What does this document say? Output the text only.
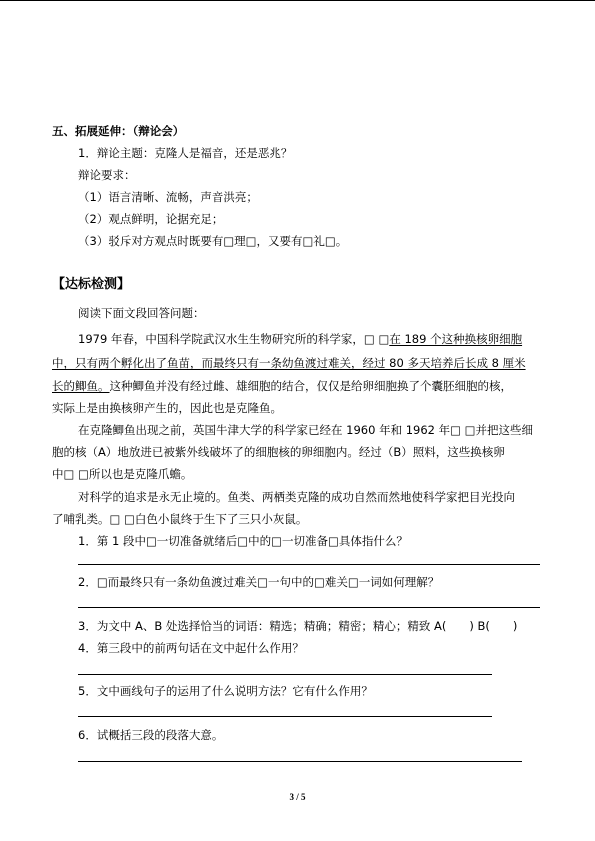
五、拓展延伸：（辩论会）
1．辩论主题：克隆人是福音，还是恶兆？
辩论要求：
（1）语言清晰、流畅，声音洪亮；
（2）观点鲜明，论据充足；
（3）驳斥对方观点时既要有□理□，又要有□礼□。
【达标检测】
阅读下面文段回答问题：
1979 年春，中国科学院武汉水生生物研究所的科学家，□ □在 189 个这种换核卵细胞
中，只有两个孵化出了鱼苗，而最终只有一条幼鱼渡过难关，经过 80 多天培养后长成 8 厘米
长的鲫鱼。这种鲫鱼并没有经过雌、雄细胞的结合，仅仅是给卵细胞换了个囊胚细胞的核，
实际上是由换核卵产生的，因此也是克隆鱼。
在克隆鲫鱼出现之前，英国牛津大学的科学家已经在 1960 年和 1962 年□ □并把这些细
胞的核（A）地放进已被紫外线破坏了的细胞核的卵细胞内。经过（B）照料，这些换核卵
中□ □所以也是克隆爪蟾。
对科学的追求是永无止境的。鱼类、两栖类克隆的成功自然而然地使科学家把目光投向
了哺乳类。□ □白色小鼠终于生下了三只小灰鼠。
1．第 1 段中□一切准备就绪后□中的□一切准备□具体指什么？
2．□而最终只有一条幼鱼渡过难关□一句中的□难关□一词如何理解？
3．为文中 A、B 处选择恰当的词语：精选；精确；精密；精心；精致 A(　　) B(　　)
4．第三段中的前两句话在文中起什么作用？
5．文中画线句子的运用了什么说明方法？它有什么作用？
6．试概括三段的段落大意。
3 / 5
